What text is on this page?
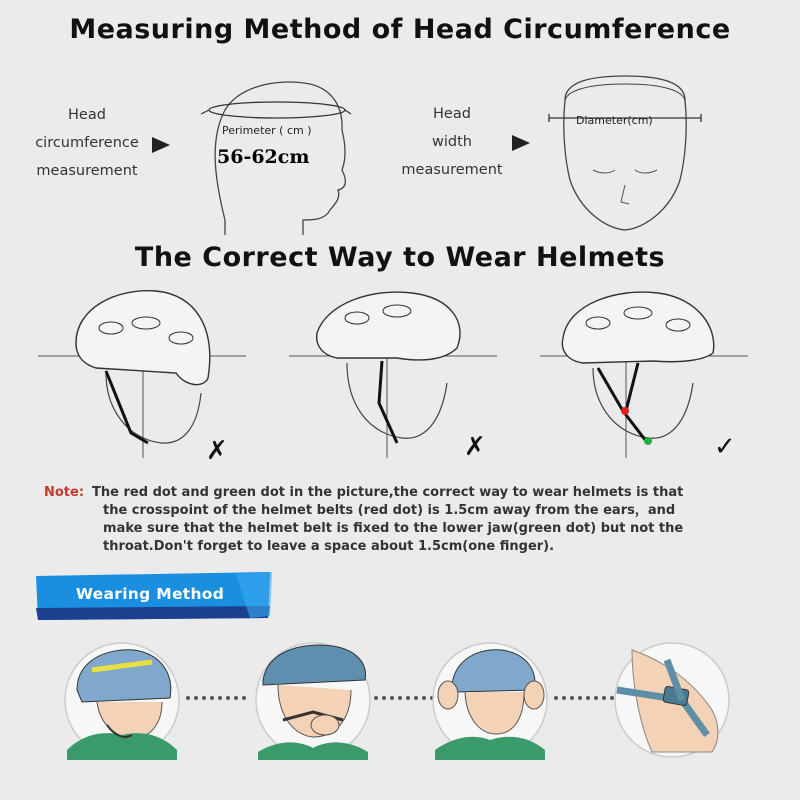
Measuring Method of Head Circumference
The Correct Way to Wear Helmets
Head
circumference
measurement
Perimeter ( cm )
56-62cm
Head
width
measurement
Diameter(cm)
✗	✗	✓
Note: The red dot and green dot in the picture,the correct way to wear helmets is that
the crosspoint of the helmet belts (red dot) is 1.5cm away from the ears，and
make sure that the helmet belt is fixed to the lower jaw(green dot) but not the
throat.Don't forget to leave a space about 1.5cm(one finger).
Wearing Method
